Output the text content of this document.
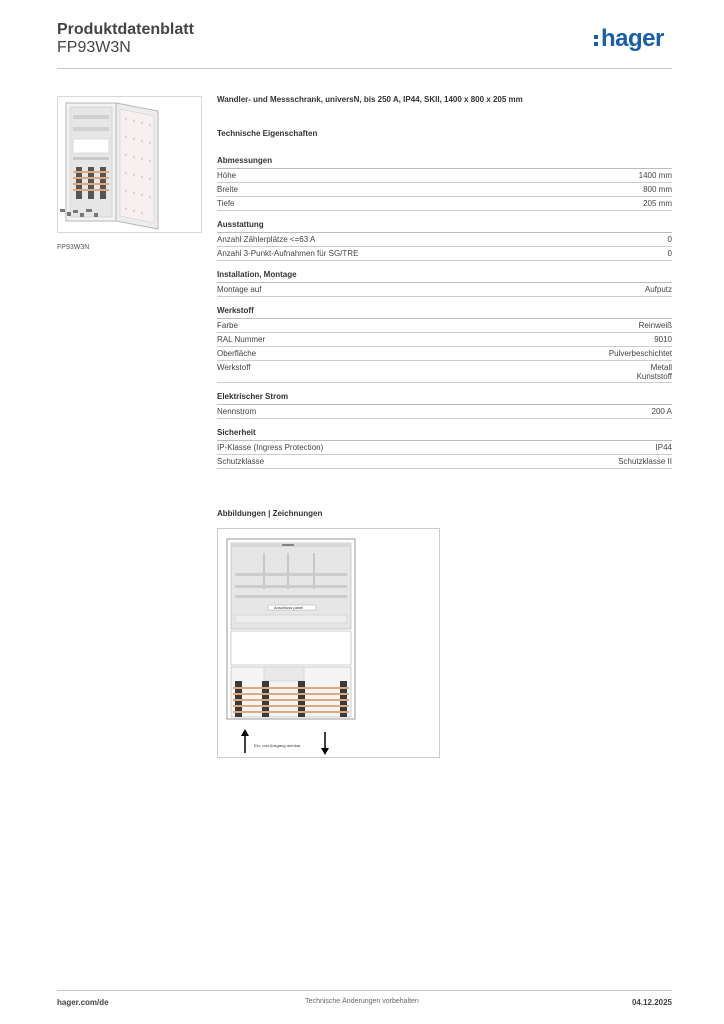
Produktdatenblatt
FP93W3N	hager
FP93W3N
Wandler- und Messschrank, universN, bis 250 A, IP44, SKII, 1400 x 800 x 205 mm
Technische Eigenschaften
Abmessungen
Höhe	1400 mm
Breite	800 mm
Tiefe	205 mm
Ausstattung
Anzahl Zählerplätze <=63 A	0
Anzahl 3-Punkt-Aufnahmen für SG/TRE	0
Installation, Montage
Montage auf	Aufputz
Werkstoff
Farbe	Reinweiß
RAL Nummer	9010
Oberfläche	Pulverbeschichtet
Werkstoff	Metall
Kunststoff
Elektrischer Strom
Nennstrom	200 A
Sicherheit
IP-Klasse (Ingress Protection)	IP44
Schutzklasse	Schutzklasse II
Abbildungen | Zeichnungen
Anschluss panel
Ein- und Ausgang drehbar
hager.com/de	Technische Änderungen vorbehalten	04.12.2025
